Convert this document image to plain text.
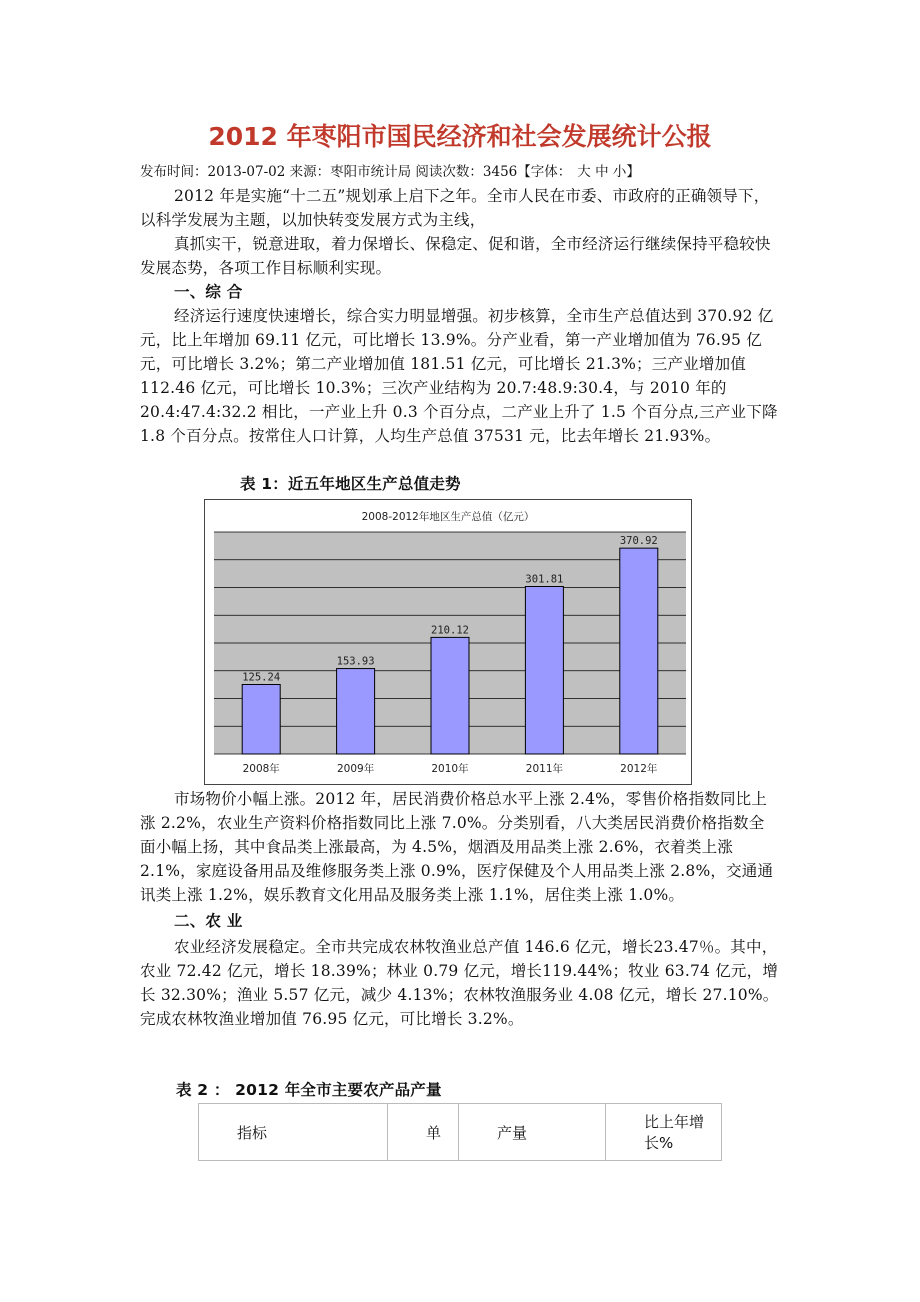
2012 年枣阳市国民经济和社会发展统计公报
发布时间：2013-07-02 来源：枣阳市统计局 阅读次数：3456【字体： 大 中 小】

2012 年是实施“十二五”规划承上启下之年。全市人民在市委、市政府的正确领导下，以科学发展为主题，以加快转变发展方式为主线，

真抓实干，锐意进取，着力保增长、保稳定、促和谐，全市经济运行继续保持平稳较快发展态势，各项工作目标顺利实现。

一、综 合

经济运行速度快速增长，综合实力明显增强。初步核算，全市生产总值达到 370.92 亿元，比上年增加 69.11 亿元，可比增长 13.9%。分产业看，第一产业增加值为 76.95 亿元，可比增长 3.2%；第二产业增加值 181.51 亿元，可比增长 21.3%；三产业增加值 112.46 亿元，可比增长 10.3%；三次产业结构为 20.7:48.9:30.4，与 2010 年的 20.4:47.4:32.2 相比，一产业上升 0.3 个百分点，二产业上升了 1.5 个百分点,三产业下降 1.8 个百分点。按常住人口计算，人均生产总值 37531 元，比去年增长 21.93%。

表 1：近五年地区生产总值走势

2008-2012年地区生产总值（亿元）
125.24
2008年
153.93
2009年
210.12
2010年
301.81
2011年
370.92
2012年

市场物价小幅上涨。2012 年，居民消费价格总水平上涨 2.4%，零售价格指数同比上涨 2.2%，农业生产资料价格指数同比上涨 7.0%。分类别看，八大类居民消费价格指数全面小幅上扬，其中食品类上涨最高，为 4.5%，烟酒及用品类上涨 2.6%，衣着类上涨 2.1%，家庭设备用品及维修服务类上涨 0.9%，医疗保健及个人用品类上涨 2.8%，交通通讯类上涨 1.2%，娱乐教育文化用品及服务类上涨 1.1%，居住类上涨 1.0%。

二、农 业

农业经济发展稳定。全市共完成农林牧渔业总产值 146.6 亿元，增长23.47％。其中，农业 72.42 亿元，增长 18.39%；林业 0.79 亿元，增长119.44%；牧业 63.74 亿元，增长 32.30%；渔业 5.57 亿元，减少 4.13%；农林牧渔服务业 4.08 亿元，增长 27.10%。完成农林牧渔业增加值 76.95 亿元，可比增长 3.2%。

表 2 ： 2012 年全市主要农产品产量

指标	单	产量	比上年增长%
